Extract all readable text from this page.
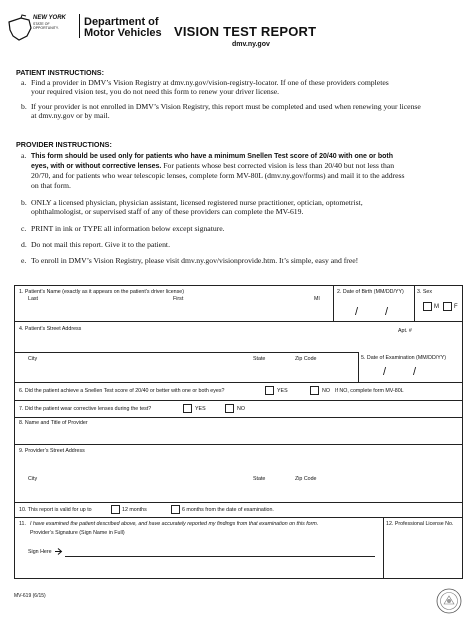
NEW YORK
STATE OF
OPPORTUNITY. Department of
Motor Vehicles VISION TEST REPORT
dmv.ny.gov
PATIENT INSTRUCTIONS:
a. Find a provider in DMV’s Vision Registry at dmv.ny.gov/vision-registry-locator. If one of these providers completes
your required vision test, you do not need this form to renew your driver license.
b. If your provider is not enrolled in DMV’s Vision Registry, this report must be completed and used when renewing your license
at dmv.ny.gov or by mail.
PROVIDER INSTRUCTIONS:
a. This form should be used only for patients who have a minimum Snellen Test score of 20/40 with one or both
eyes, with or without corrective lenses. For patients whose best corrected vision is less than 20/40 but not less than
20/70, and for patients who wear telescopic lenses, complete form MV-80L (dmv.ny.gov/forms) and mail it to the address
on that form.
b. ONLY a licensed physician, physician assistant, licensed registered nurse practitioner, optician, optometrist,
ophthalmologist, or supervised staff of any of these providers can complete the MV-619.
c. PRINT in ink or TYPE all information below except signature.
d. Do not mail this report. Give it to the patient.
e. To enroll in DMV’s Vision Registry, please visit dmv.ny.gov/visionprovide.htm. It’s simple, easy and free!
1. Patient’s Name (exactly as it appears on the patient’s driver license)
Last	First	MI
2. Date of Birth (MM/DD/YY)
/ /
3. Sex
M	F
4. Patient’s Street Address	Apt. #
City	State	Zip Code	5. Date of Examination (MM/DD/YY)
/ /
6. Did the patient achieve a Snellen Test score of 20/40 or better with one or both eyes?	YES	NO If NO, complete form MV-80L
7. Did the patient wear corrective lenses during the test?	YES	NO
8. Name and Title of Provider
9. Provider’s Street Address
City	State	Zip Code
10. This report is valid for up to	12 months	6 months from the date of examination.
11. I have examined the patient described above, and have accurately reported my findings from that examination on this form.
Provider’s Signature (Sign Name in Full)
Sign Here
12. Professional License No.
MV-619 (6/15)
